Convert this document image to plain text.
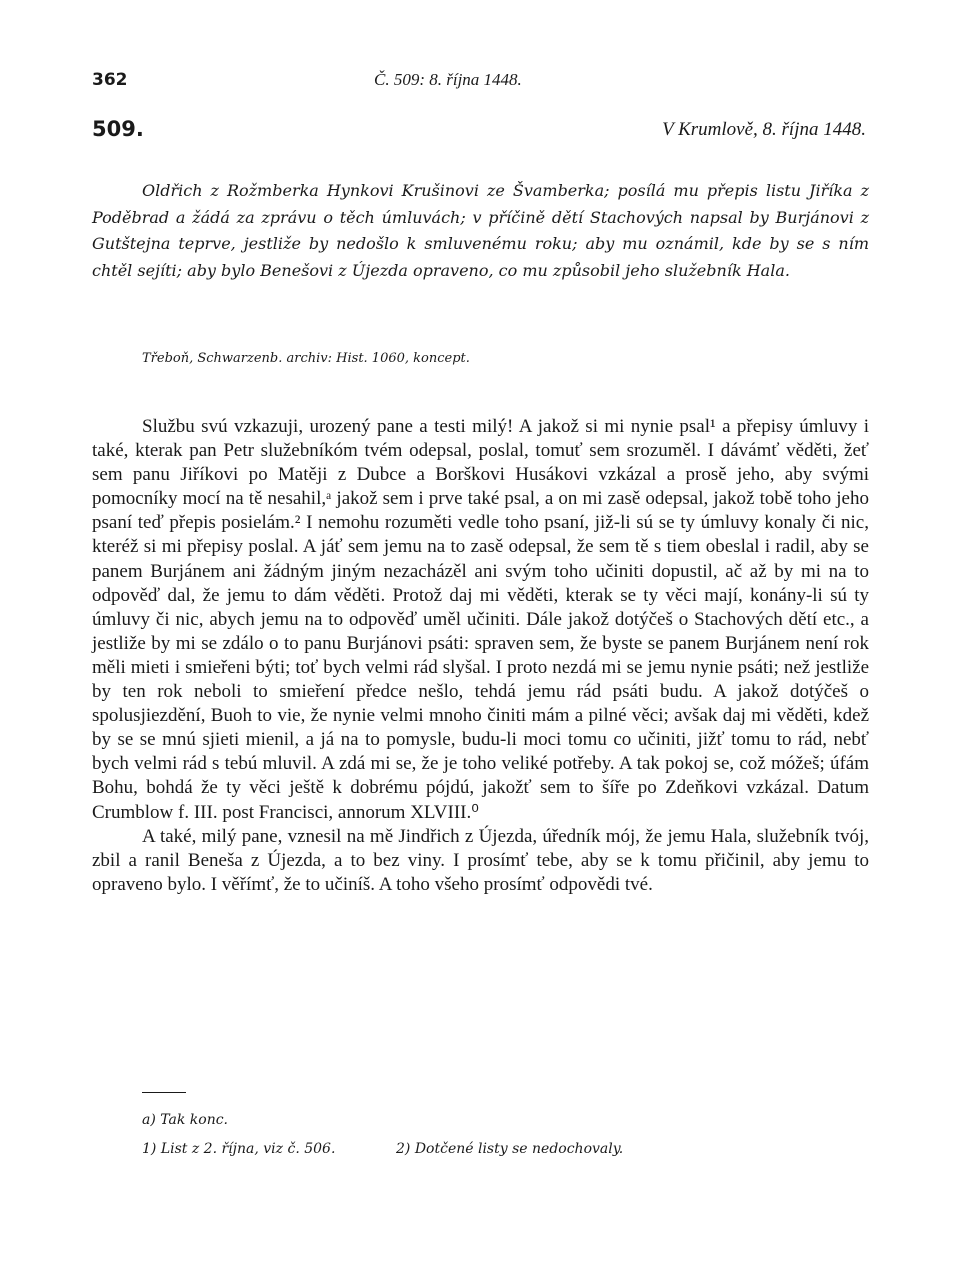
362	Č. 509: 8. října 1448.
509.	V Krumlově, 8. října 1448.

Oldřich z Rožmberka Hynkovi Krušinovi ze Švamberka; posílá mu přepis listu Jiříka z Poděbrad a žádá za zprávu o těch úmluvách; v příčině dětí Stachových napsal by Burjánovi z Gutštejna teprve, jestliže by nedošlo k smluvenému roku; aby mu oznámil, kde by se s ním chtěl sejíti; aby bylo Benešovi z Újezda opraveno, co mu způsobil jeho služebník Hala.

Třeboň, Schwarzenb. archiv: Hist. 1060, koncept.

Službu svú vzkazuji, urozený pane a testi milý! A jakož si mi nynie psal¹ a přepisy úmluvy i také, kterak pan Petr služebníkóm tvém odepsal, poslal, tomuť sem srozuměl. I dávámť věděti, žeť sem panu Jiříkovi po Matěji z Dubce a Borškovi Husákovi vzkázal a prosě jeho, aby svými pomocníky mocí na tě nesahil,ᵃ jakož sem i prve také psal, a on mi zasě odepsal, jakož tobě toho jeho psaní teď přepis posielám.² I nemohu rozuměti vedle toho psaní, již-li sú se ty úmluvy konaly či nic, kteréž si mi přepisy poslal. A jáť sem jemu na to zasě odepsal, že sem tě s tiem obeslal i radil, aby se panem Burjánem ani žádným jiným nezacházěl ani svým toho učiniti dopustil, ač až by mi na to odpověď dal, že jemu to dám věděti. Protož daj mi věděti, kterak se ty věci mají, konány-li sú ty úmluvy či nic, abych jemu na to odpověď uměl učiniti. Dále jakož dotýčeš o Stachových dětí etc., a jestliže by mi se zdálo o to panu Burjánovi psáti: spraven sem, že byste se panem Burjánem není rok měli mieti i smieřeni býti; toť bych velmi rád slyšal. I proto nezdá mi se jemu nynie psáti; než jestliže by ten rok neboli to smieření předce nešlo, tehdá jemu rád psáti budu. A jakož dotýčeš o spolusjiezdění, Buoh to vie, že nynie velmi mnoho činiti mám a pilné věci; avšak daj mi věděti, kdež by se se mnú sjieti mienil, a já na to pomysle, budu-li moci tomu co učiniti, jižť tomu to rád, nebť bych velmi rád s tebú mluvil. A zdá mi se, že je toho veliké potřeby. A tak pokoj se, což móžeš; úfám Bohu, bohdá že ty věci ještě k dobrému pójdú, jakožť sem to šíře po Zdeňkovi vzkázal. Datum Crumblow f. III. post Francisci, annorum XLVIII.⁰

A také, milý pane, vznesil na mě Jindřich z Újezda, úředník mój, že jemu Hala, služebník tvój, zbil a ranil Beneša z Újezda, a to bez viny. I prosímť tebe, aby se k tomu přičinil, aby jemu to opraveno bylo. I věřímť, že to učiníš. A toho všeho prosímť odpovědi tvé.

a) Tak konc.
1) List z 2. října, viz č. 506.	2) Dotčené listy se nedochovaly.
